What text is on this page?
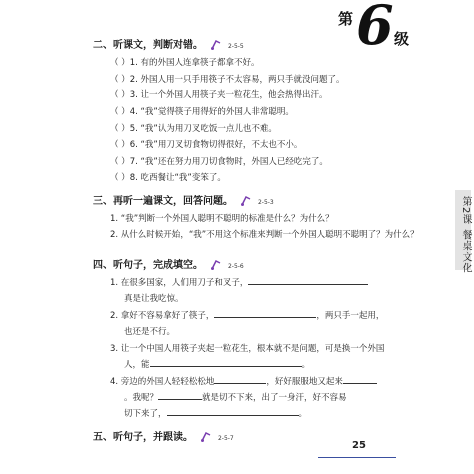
第 6 级
第2课 餐桌文化
二、听课文，判断对错。	2-5-5
（ ）1. 有的外国人连拿筷子都拿不好。
（ ）2. 外国人用一只手用筷子不太容易，两只手就没问题了。
（ ）3. 让一个外国人用筷子夹一粒花生，他会热得出汗。
（ ）4. “我”觉得筷子用得好的外国人非常聪明。
（ ）5. “我”认为用刀叉吃饭一点儿也不难。
（ ）6. “我”用刀叉切食物切得很好，不太也不小。
（ ）7. “我”还在努力用刀切食物时，外国人已经吃完了。
（ ）8. 吃西餐让“我”变笨了。
三、再听一遍课文，回答问题。	2-5-3
1. “我”判断一个外国人聪明不聪明的标准是什么？为什么？
2. 从什么时候开始，“我”不用这个标准来判断一个外国人聪明不聪明了？为什么？
四、听句子，完成填空。	2-5-6
1. 在很多国家，人们用刀子和叉子，
真是让我吃惊。
2. 拿好不容易拿好了筷子，	，两只手一起用，
也还是不行。
3. 让一个中国人用筷子夹起一粒花生，根本就不是问题，可是换一个外国
人，能	。
4. 旁边的外国人轻轻松松地	，好好服服地又起来
。我呢？	就是切不下来，出了一身汗，好不容易
切下来了，	。
五、听句子，并跟读。	2-5-7
25
